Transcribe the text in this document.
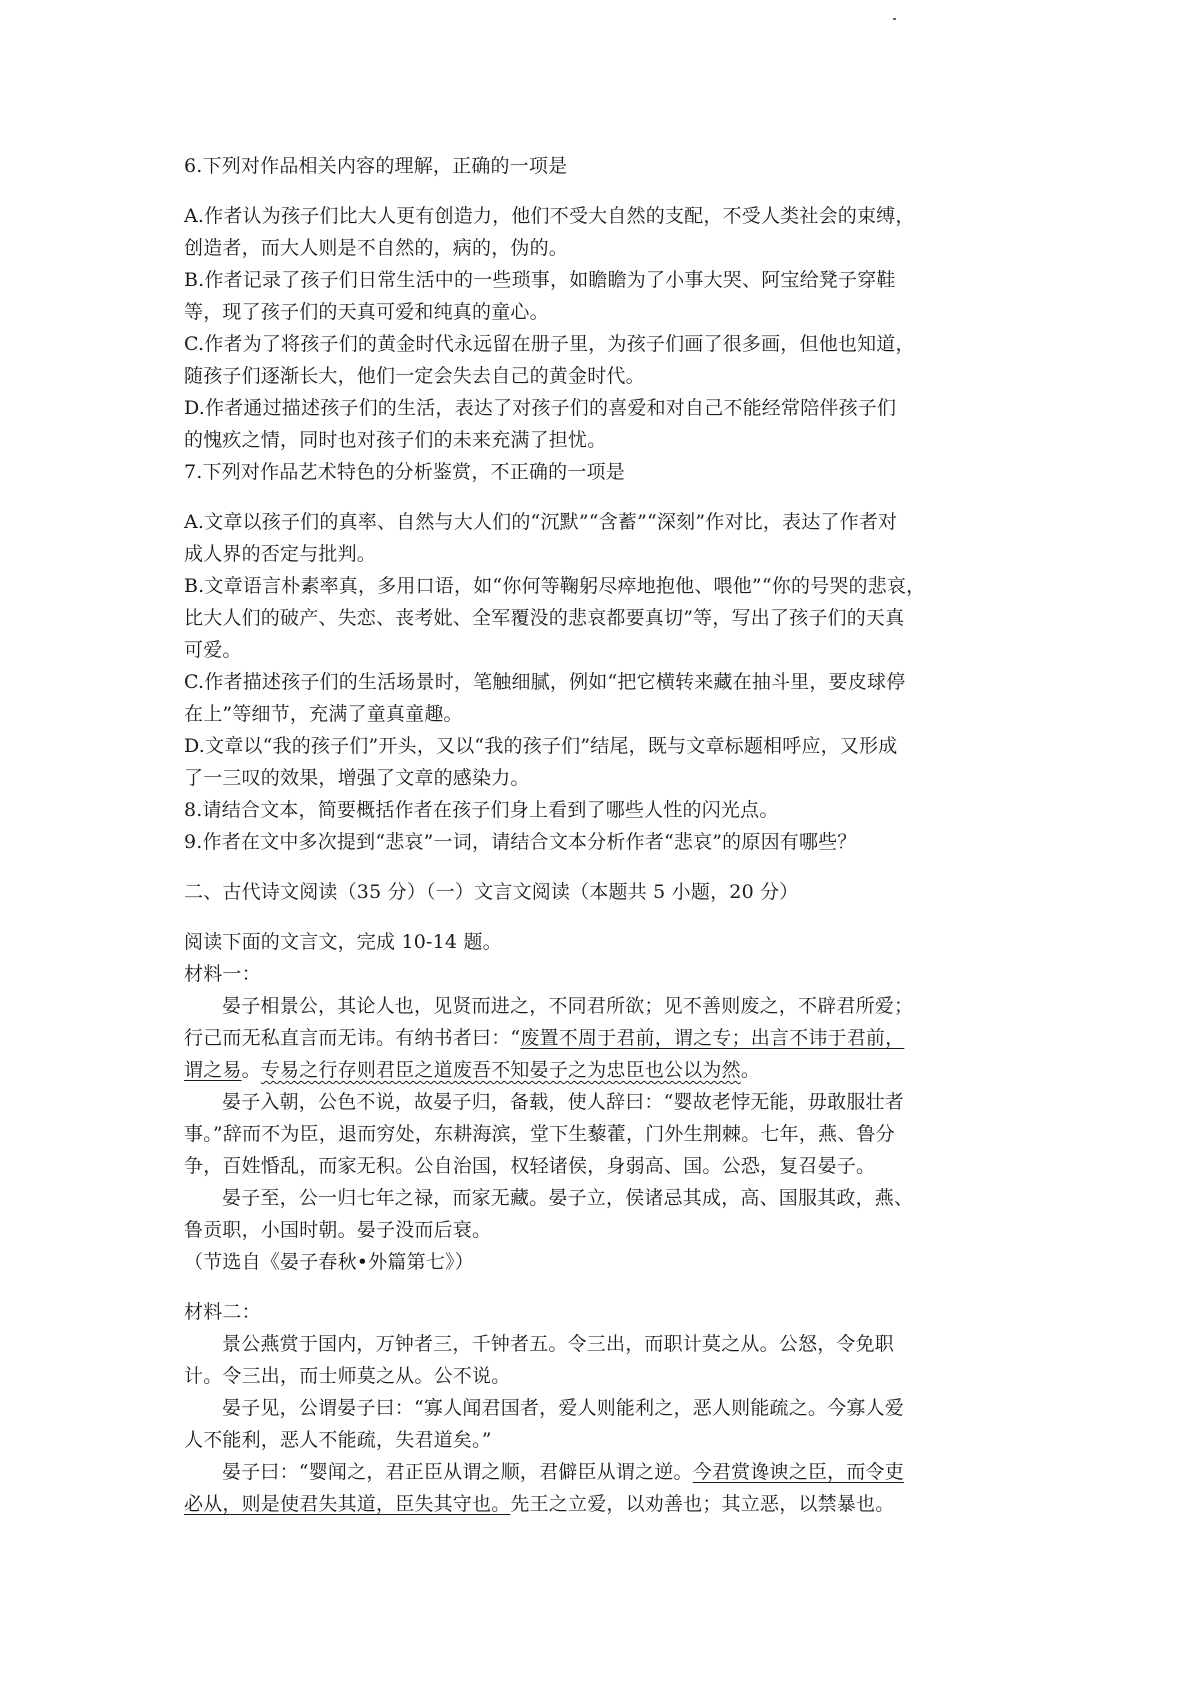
6.下列对作品相关内容的理解，正确的一项是
A.作者认为孩子们比大人更有创造力，他们不受大自然的支配，不受人类社会的束缚，
创造者，而大人则是不自然的，病的，伪的。
B.作者记录了孩子们日常生活中的一些琐事，如瞻瞻为了小事大哭、阿宝给凳子穿鞋
等，现了孩子们的天真可爱和纯真的童心。
C.作者为了将孩子们的黄金时代永远留在册子里，为孩子们画了很多画，但他也知道，
随孩子们逐渐长大，他们一定会失去自己的黄金时代。
D.作者通过描述孩子们的生活，表达了对孩子们的喜爱和对自己不能经常陪伴孩子们
的愧疚之情，同时也对孩子们的未来充满了担忧。
7.下列对作品艺术特色的分析鉴赏，不正确的一项是
A.文章以孩子们的真率、自然与大人们的“沉默”“含蓄”“深刻”作对比，表达了作者对
成人界的否定与批判。
B.文章语言朴素率真，多用口语，如“你何等鞠躬尽瘁地抱他、喂他”“你的号哭的悲哀，
比大人们的破产、失恋、丧考妣、全军覆没的悲哀都要真切”等，写出了孩子们的天真
可爱。
C.作者描述孩子们的生活场景时，笔触细腻，例如“把它横转来藏在抽斗里，要皮球停
在上”等细节，充满了童真童趣。
D.文章以“我的孩子们”开头，又以“我的孩子们”结尾，既与文章标题相呼应，又形成
了一三叹的效果，增强了文章的感染力。
8.请结合文本，简要概括作者在孩子们身上看到了哪些人性的闪光点。
9.作者在文中多次提到“悲哀”一词，请结合文本分析作者“悲哀”的原因有哪些？
二、古代诗文阅读（35 分）（一）文言文阅读（本题共 5 小题，20 分）
阅读下面的文言文，完成 10-14 题。
材料一：
晏子相景公，其论人也，见贤而进之，不同君所欲；见不善则废之，不辟君所爱；
行己而无私直言而无讳。有纳书者曰：“废置不周于君前，谓之专；出言不讳于君前，
谓之易。专易之行存则君臣之道废吾不知晏子之为忠臣也公以为然。
晏子入朝，公色不说，故晏子归，备载，使人辞曰：“婴故老悖无能，毋敢服壮者
事。”辞而不为臣，退而穷处，东耕海滨，堂下生藜藿，门外生荆棘。七年，燕、鲁分
争，百姓惛乱，而家无积。公自治国，权轻诸侯，身弱高、国。公恐，复召晏子。
晏子至，公一归七年之禄，而家无藏。晏子立，侯诸忌其成，高、国服其政，燕、
鲁贡职，小国时朝。晏子没而后衰。
（节选自《晏子春秋•外篇第七》）
材料二：
景公燕赏于国内，万钟者三，千钟者五。令三出，而职计莫之从。公怒，令免职
计。令三出，而士师莫之从。公不说。
晏子见，公谓晏子曰：“寡人闻君国者，爱人则能利之，恶人则能疏之。今寡人爱
人不能利，恶人不能疏，失君道矣。”
晏子曰：“婴闻之，君正臣从谓之顺，君僻臣从谓之逆。今君赏谗谀之臣，而令吏
必从，则是使君失其道，臣失其守也。先王之立爱，以劝善也；其立恶，以禁暴也。
